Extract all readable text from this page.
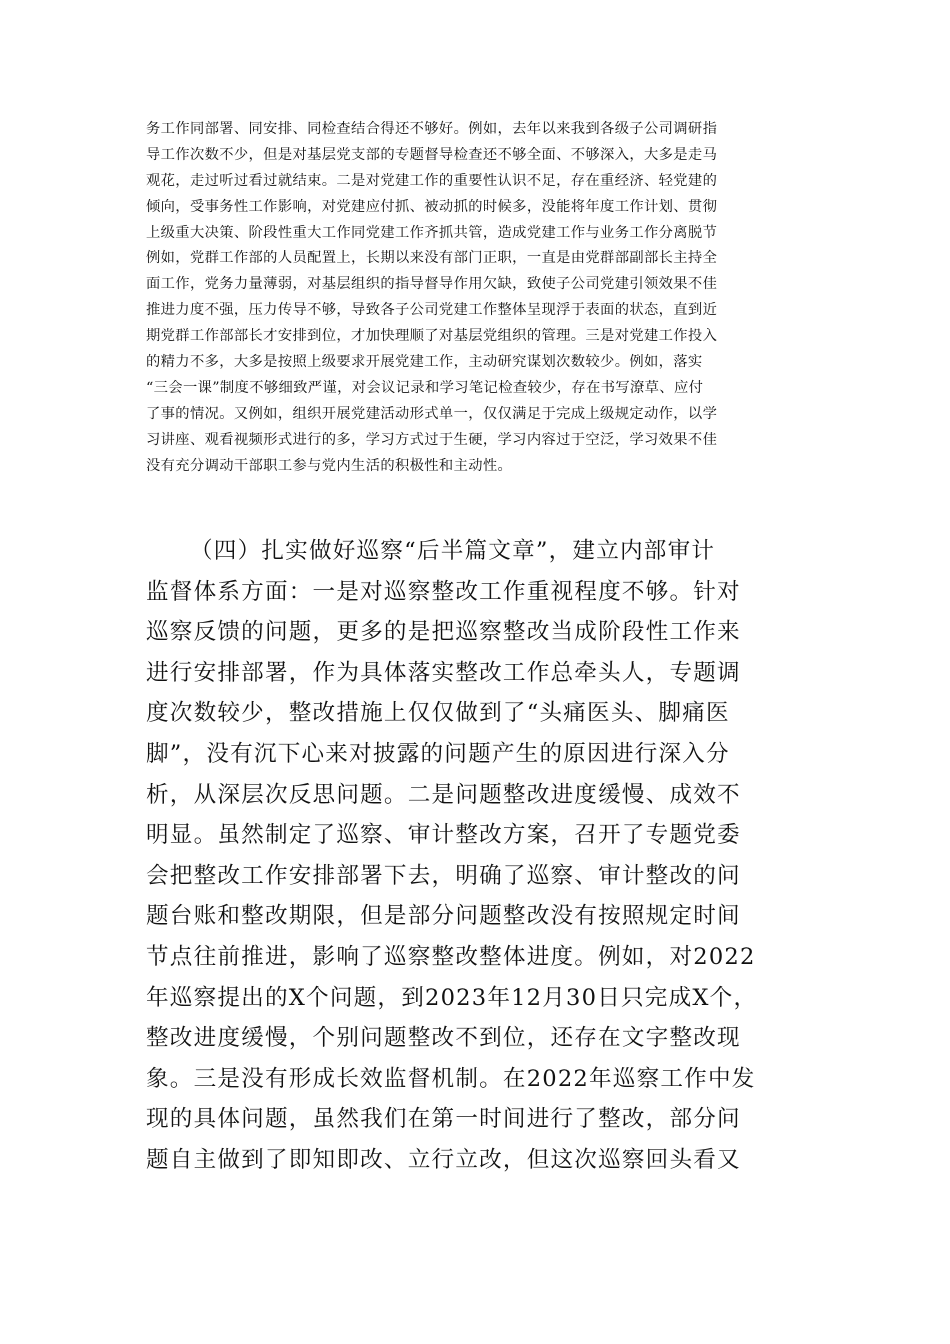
务工作同部署、同安排、同检查结合得还不够好。例如，去年以来我到各级子公司调研指
导工作次数不少，但是对基层党支部的专题督导检查还不够全面、不够深入，大多是走马
观花，走过听过看过就结束。二是对党建工作的重要性认识不足，存在重经济、轻党建的
倾向，受事务性工作影响，对党建应付抓、被动抓的时候多，没能将年度工作计划、贯彻
上级重大决策、阶段性重大工作同党建工作齐抓共管，造成党建工作与业务工作分离脱节
例如，党群工作部的人员配置上，长期以来没有部门正职，一直是由党群部副部长主持全
面工作，党务力量薄弱，对基层组织的指导督导作用欠缺，致使子公司党建引领效果不佳
推进力度不强，压力传导不够，导致各子公司党建工作整体呈现浮于表面的状态，直到近
期党群工作部部长才安排到位，才加快理顺了对基层党组织的管理。三是对党建工作投入
的精力不多，大多是按照上级要求开展党建工作，主动研究谋划次数较少。例如，落实
“三会一课”制度不够细致严谨，对会议记录和学习笔记检查较少，存在书写潦草、应付
了事的情况。又例如，组织开展党建活动形式单一，仅仅满足于完成上级规定动作，以学
习讲座、观看视频形式进行的多，学习方式过于生硬，学习内容过于空泛，学习效果不佳
没有充分调动干部职工参与党内生活的积极性和主动性。
（四）扎实做好巡察“后半篇文章”，建立内部审计
监督体系方面：一是对巡察整改工作重视程度不够。针对
巡察反馈的问题，更多的是把巡察整改当成阶段性工作来
进行安排部署，作为具体落实整改工作总牵头人，专题调
度次数较少，整改措施上仅仅做到了“头痛医头、脚痛医
脚”，没有沉下心来对披露的问题产生的原因进行深入分
析，从深层次反思问题。二是问题整改进度缓慢、成效不
明显。虽然制定了巡察、审计整改方案，召开了专题党委
会把整改工作安排部署下去，明确了巡察、审计整改的问
题台账和整改期限，但是部分问题整改没有按照规定时间
节点往前推进，影响了巡察整改整体进度。例如，对2022
年巡察提出的X个问题，到2023年12月30日只完成X个，
整改进度缓慢，个别问题整改不到位，还存在文字整改现
象。三是没有形成长效监督机制。在2022年巡察工作中发
现的具体问题，虽然我们在第一时间进行了整改，部分问
题自主做到了即知即改、立行立改，但这次巡察回头看又
